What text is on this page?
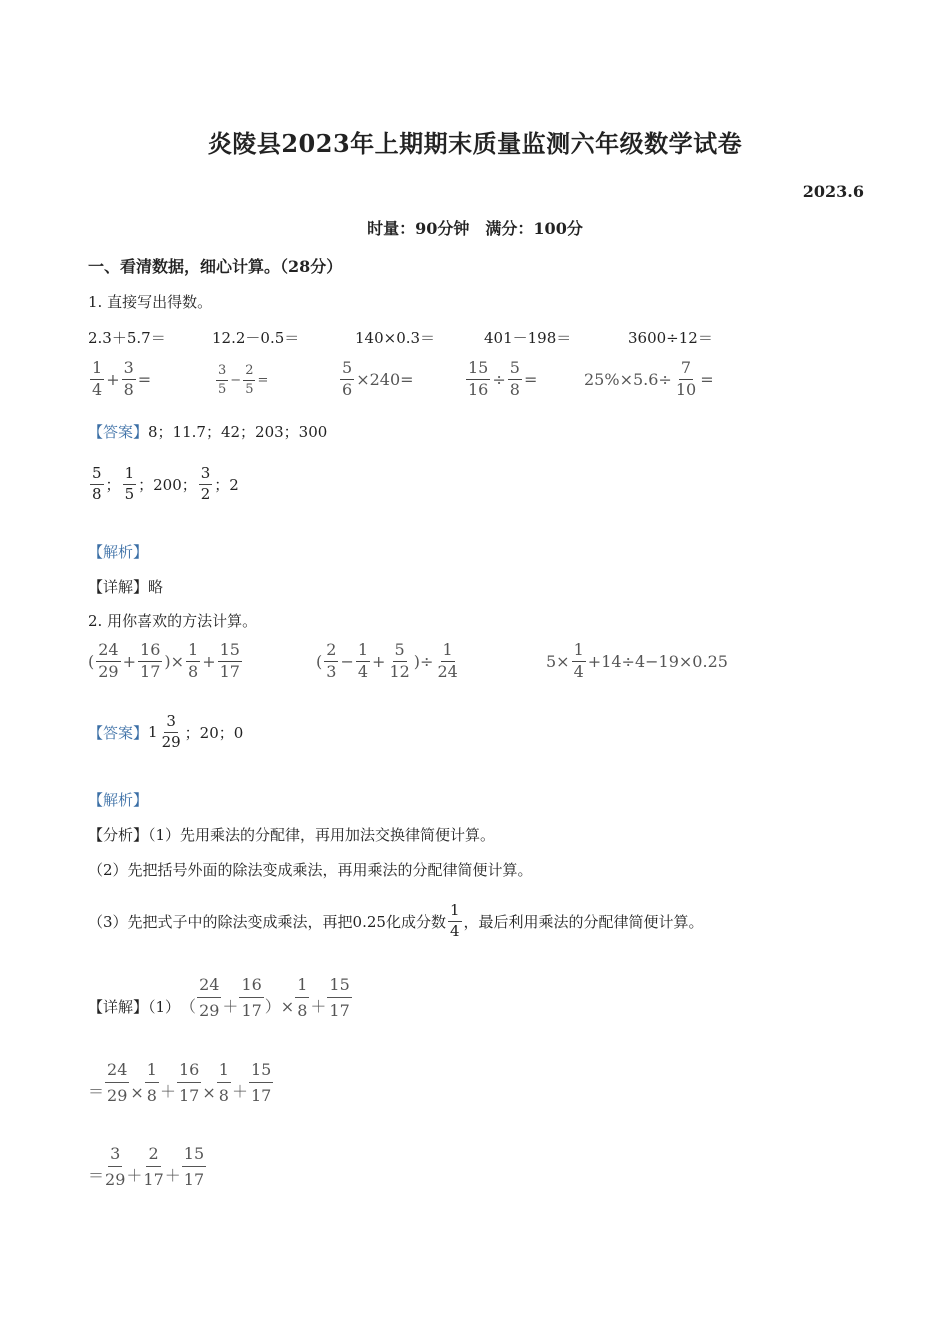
炎陵县2023年上期期末质量监测六年级数学试卷
2023.6
时量：90分钟　满分：100分
一、看清数据，细心计算。（28分）
1. 直接写出得数。
2.3＋5.7＝	12.2－0.5＝	140×0.3＝	401－198＝	3600÷12＝
$\frac{1}{4} + \frac{3}{8}$ =	$\frac{3}{5} - \frac{2}{5}$ =	$\frac{5}{6} \times 240=$	$\frac{15}{16} \div \frac{5}{8}$ =	$25\%\times 5.6\div \frac{7}{10}$ =
【答案】8；11.7；42；203；300
$\frac{5}{8}$ ； $\frac{1}{5}$ ；200； $\frac{3}{2}$ ；2
【解析】
【详解】略
2. 用你喜欢的方法计算。
( $\frac{24}{29} + \frac{16}{17}$ )× $\frac{1}{8} + \frac{15}{17}$	( $\frac{2}{3} - \frac{1}{4} + \frac{5}{12}$ )÷ $\frac{1}{24}$	$5\times \frac{1}{4} +14\div 4-19\times 0.25$
【答案】 $1 \frac{3}{29}$ ；20；0
【解析】
【分析】（1）先用乘法的分配律，再用加法交换律简便计算。
（2）先把括号外面的除法变成乘法，再用乘法的分配律简便计算。
（3）先把式子中的除法变成乘法，再把0.25化成分数 $\frac{1}{4}$ ，最后利用乘法的分配律简便计算。
【详解】（1） （
24
29 ＋
16
17 ）× $\frac{1}{8}$ ＋
15
17
＝ $\frac{24}{29} \times \frac{1}{8} + \frac{16}{17} \times \frac{1}{8}$ ＋
15
17
＝
3
29 ＋
2
17 ＋
15
17
